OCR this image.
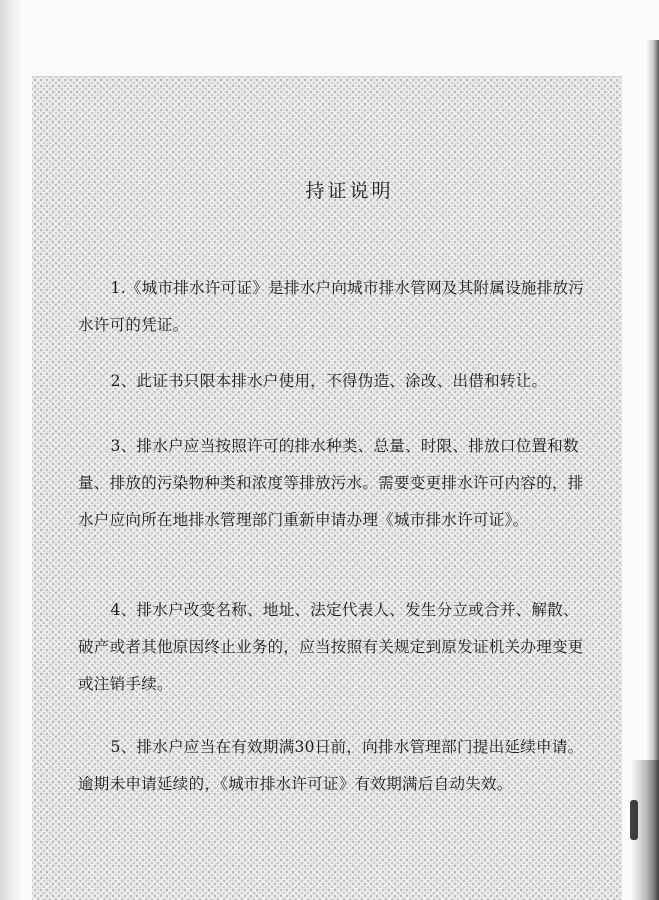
持证说明

1.《城市排水许可证》是排水户向城市排水管网及其附属设施排放污水许可的凭证。

2、此证书只限本排水户使用，不得伪造、涂改、出借和转让。

3、排水户应当按照许可的排水种类、总量、时限、排放口位置和数量、排放的污染物种类和浓度等排放污水。需要变更排水许可内容的，排水户应向所在地排水管理部门重新申请办理《城市排水许可证》。

4、排水户改变名称、地址、法定代表人、发生分立或合并、解散、破产或者其他原因终止业务的，应当按照有关规定到原发证机关办理变更或注销手续。

5、排水户应当在有效期满30日前，向排水管理部门提出延续申请。逾期未申请延续的，《城市排水许可证》有效期满后自动失效。
